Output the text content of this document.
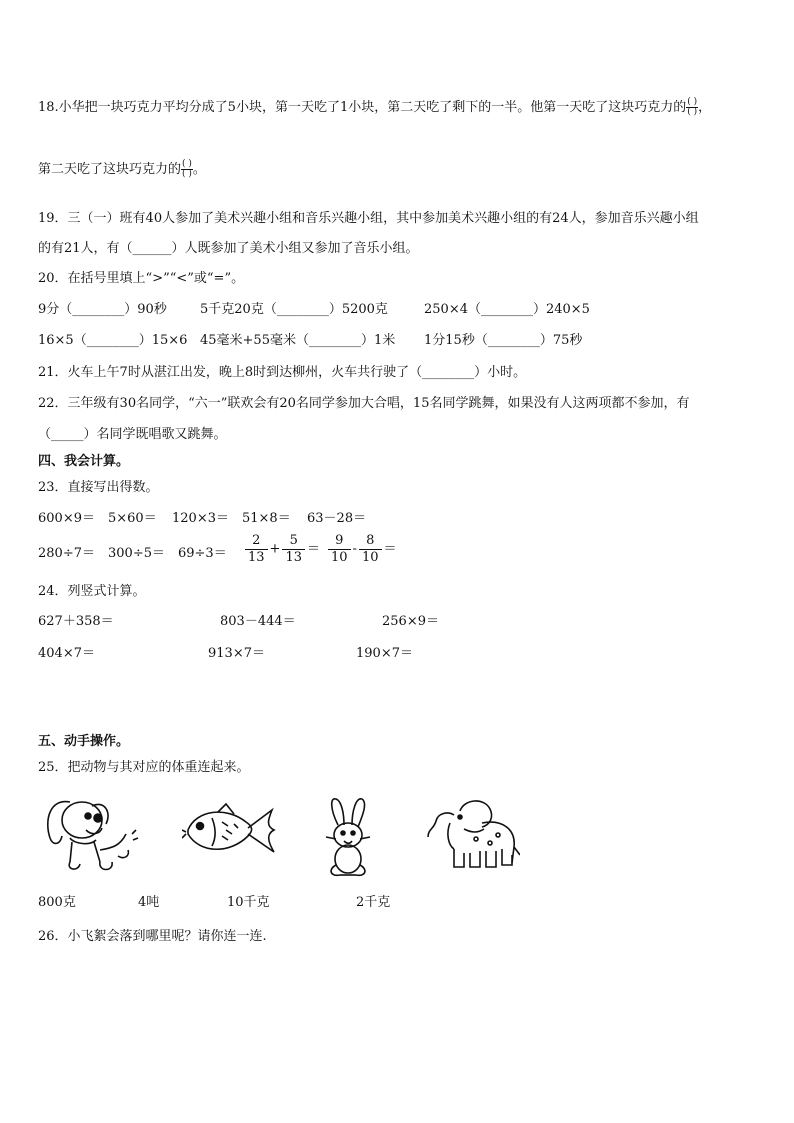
18.小华把一块巧克力平均分成了5小块，第一天吃了1小块，第二天吃了剩下的一半。他第一天吃了这块巧克力的 ( )
( ) ，
第二天吃了这块巧克力的 ( )
( ) 。
19．三（一）班有40人参加了美术兴趣小组和音乐兴趣小组，其中参加美术兴趣小组的有24人，参加音乐兴趣小组
的有21人，有（______）人既参加了美术小组又参加了音乐小组。
20．在括号里填上“>”“<”或“=”。
9分（________）90秒	5千克20克（________）5200克	250×4（________）240×5
16×5（________）15×6 45毫米+55毫米（________）1米 1分15秒（________）75秒
21．火车上午7时从湛江出发，晚上8时到达柳州，火车共行驶了（________）小时。
22．三年级有30名同学，“六一”联欢会有20名同学参加大合唱，15名同学跳舞，如果没有人这两项都不参加，有
（_____）名同学既唱歌又跳舞。
四、我会计算。
23．直接写出得数。
600×9＝ 5×60＝ 120×3＝ 51×8＝ 63－28＝
$280\div 7= 300\div 5= 69\div 3= \frac{2}{13} + \frac{5}{13} = \frac{9}{10} - \frac{8}{10}$ ＝
24．列竖式计算。
627＋358＝	803－444＝	256×9＝
404×7＝	913×7＝	190×7＝
五、动手操作。
25．把动物与其对应的体重连起来。
800克	4吨	10千克	2千克
26．小飞絮会落到哪里呢？请你连一连.
